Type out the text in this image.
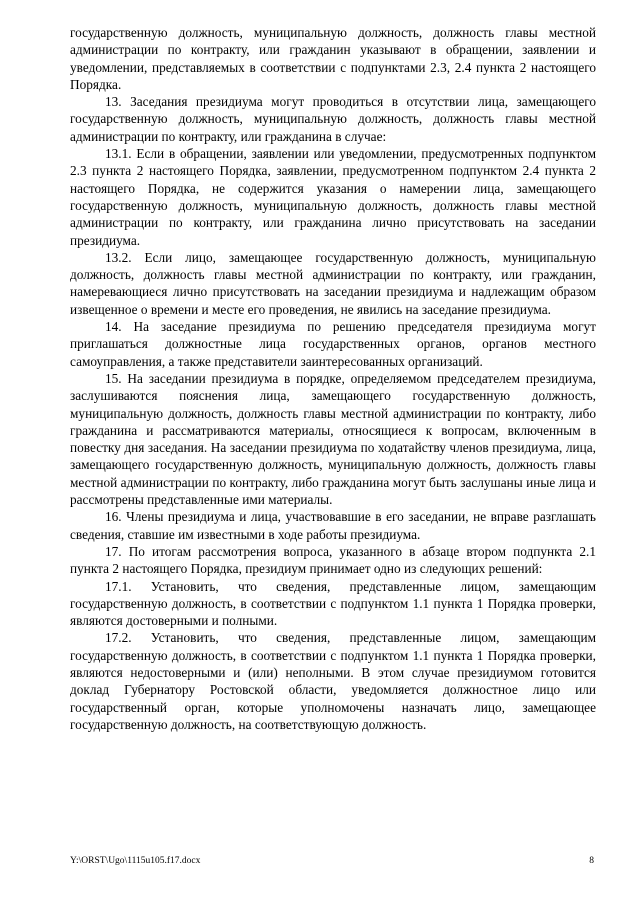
государственную должность, муниципальную должность, должность главы местной администрации по контракту, или гражданин указывают в обращении, заявлении и уведомлении, представляемых в соответствии с подпунктами 2.3, 2.4 пункта 2 настоящего Порядка.

13. Заседания президиума могут проводиться в отсутствии лица, замещающего государственную должность, муниципальную должность, должность главы местной администрации по контракту, или гражданина в случае:

13.1. Если в обращении, заявлении или уведомлении, предусмотренных подпунктом 2.3 пункта 2 настоящего Порядка, заявлении, предусмотренном подпунктом 2.4 пункта 2 настоящего Порядка, не содержится указания о намерении лица, замещающего государственную должность, муниципальную должность, должность главы местной администрации по контракту, или гражданина лично присутствовать на заседании президиума.

13.2. Если лицо, замещающее государственную должность, муниципальную должность, должность главы местной администрации по контракту, или гражданин, намеревающиеся лично присутствовать на заседании президиума и надлежащим образом извещенное о времени и месте его проведения, не явились на заседание президиума.

14. На заседание президиума по решению председателя президиума могут приглашаться должностные лица государственных органов, органов местного самоуправления, а также представители заинтересованных организаций.

15. На заседании президиума в порядке, определяемом председателем президиума, заслушиваются пояснения лица, замещающего государственную должность, муниципальную должность, должность главы местной администрации по контракту, либо гражданина и рассматриваются материалы, относящиеся к вопросам, включенным в повестку дня заседания. На заседании президиума по ходатайству членов президиума, лица, замещающего государственную должность, муниципальную должность, должность главы местной администрации по контракту, либо гражданина могут быть заслушаны иные лица и рассмотрены представленные ими материалы.

16. Члены президиума и лица, участвовавшие в его заседании, не вправе разглашать сведения, ставшие им известными в ходе работы президиума.

17. По итогам рассмотрения вопроса, указанного в абзаце втором подпункта 2.1 пункта 2 настоящего Порядка, президиум принимает одно из следующих решений:

17.1. Установить, что сведения, представленные лицом, замещающим государственную должность, в соответствии с подпунктом 1.1 пункта 1 Порядка проверки, являются достоверными и полными.

17.2. Установить, что сведения, представленные лицом, замещающим государственную должность, в соответствии с подпунктом 1.1 пункта 1 Порядка проверки, являются недостоверными и (или) неполными. В этом случае президиумом готовится доклад Губернатору Ростовской области, уведомляется должностное лицо или государственный орган, которые уполномочены назначать лицо, замещающее государственную должность, на соответствующую должность.

Y:\ORST\Ugo\1115u105.f17.docx	8
